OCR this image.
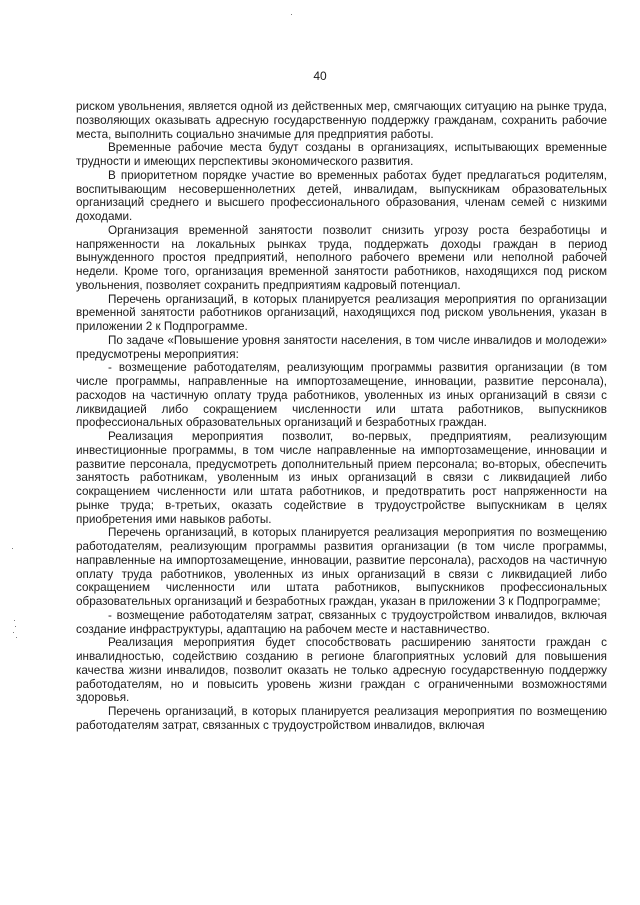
40

риском увольнения, является одной из действенных мер, смягчающих ситуацию на рынке труда, позволяющих оказывать адресную государственную поддержку гражданам, сохранить рабочие места, выполнить социально значимые для предприятия работы.

Временные рабочие места будут созданы в организациях, испытывающих временные трудности и имеющих перспективы экономического развития.

В приоритетном порядке участие во временных работах будет предлагаться родителям, воспитывающим несовершеннолетних детей, инвалидам, выпускникам образовательных организаций среднего и высшего профессионального образования, членам семей с низкими доходами.

Организация временной занятости позволит снизить угрозу роста безработицы и напряженности на локальных рынках труда, поддержать доходы граждан в период вынужденного простоя предприятий, неполного рабочего времени или неполной рабочей недели. Кроме того, организация временной занятости работников, находящихся под риском увольнения, позволяет сохранить предприятиям кадровый потенциал.

Перечень организаций, в которых планируется реализация мероприятия по организации временной занятости работников организаций, находящихся под риском увольнения, указан в приложении 2 к Подпрограмме.

По задаче «Повышение уровня занятости населения, в том числе инвалидов и молодежи» предусмотрены мероприятия:

- возмещение работодателям, реализующим программы развития организации (в том числе программы, направленные на импортозамещение, инновации, развитие персонала), расходов на частичную оплату труда работников, уволенных из иных организаций в связи с ликвидацией либо сокращением численности или штата работников, выпускников профессиональных образовательных организаций и безработных граждан.

Реализация мероприятия позволит, во-первых, предприятиям, реализующим инвестиционные программы, в том числе направленные на импортозамещение, инновации и развитие персонала, предусмотреть дополнительный прием персонала; во-вторых, обеспечить занятость работникам, уволенным из иных организаций в связи с ликвидацией либо сокращением численности или штата работников, и предотвратить рост напряженности на рынке труда; в-третьих, оказать содействие в трудоустройстве выпускникам в целях приобретения ими навыков работы.

Перечень организаций, в которых планируется реализация мероприятия по возмещению работодателям, реализующим программы развития организации (в том числе программы, направленные на импортозамещение, инновации, развитие персонала), расходов на частичную оплату труда работников, уволенных из иных организаций в связи с ликвидацией либо сокращением численности или штата работников, выпускников профессиональных образовательных организаций и безработных граждан, указан в приложении 3 к Подпрограмме;

- возмещение работодателям затрат, связанных с трудоустройством инвалидов, включая создание инфраструктуры, адаптацию на рабочем месте и наставничество.

Реализация мероприятия будет способствовать расширению занятости граждан с инвалидностью, содействию созданию в регионе благоприятных условий для повышения качества жизни инвалидов, позволит оказать не только адресную государственную поддержку работодателям, но и повысить уровень жизни граждан с ограниченными возможностями здоровья.

Перечень организаций, в которых планируется реализация мероприятия по возмещению работодателям затрат, связанных с трудоустройством инвалидов, включая
